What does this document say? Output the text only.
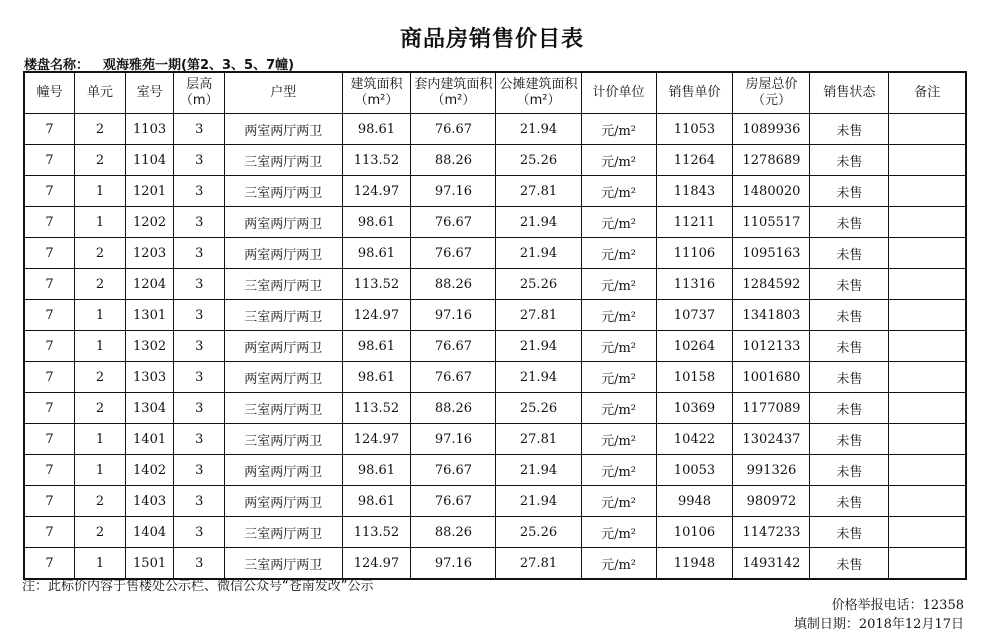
商品房销售价目表
楼盘名称： 观海雅苑一期(第2、3、5、7幢)
幢号	单元	室号	层高（m）	户型	建筑面积（m²）	套内建筑面积（m²）	公摊建筑面积（m²）	计价单位	销售单价	房屋总价（元）	销售状态	备注
7	2	1103	3	两室两厅两卫	98.61	76.67	21.94	元/m²	11053	1089936	未售	
7	2	1104	3	三室两厅两卫	113.52	88.26	25.26	元/m²	11264	1278689	未售	
7	1	1201	3	三室两厅两卫	124.97	97.16	27.81	元/m²	11843	1480020	未售	
7	1	1202	3	两室两厅两卫	98.61	76.67	21.94	元/m²	11211	1105517	未售	
7	2	1203	3	两室两厅两卫	98.61	76.67	21.94	元/m²	11106	1095163	未售	
7	2	1204	3	三室两厅两卫	113.52	88.26	25.26	元/m²	11316	1284592	未售	
7	1	1301	3	三室两厅两卫	124.97	97.16	27.81	元/m²	10737	1341803	未售	
7	1	1302	3	两室两厅两卫	98.61	76.67	21.94	元/m²	10264	1012133	未售	
7	2	1303	3	两室两厅两卫	98.61	76.67	21.94	元/m²	10158	1001680	未售	
7	2	1304	3	三室两厅两卫	113.52	88.26	25.26	元/m²	10369	1177089	未售	
7	1	1401	3	三室两厅两卫	124.97	97.16	27.81	元/m²	10422	1302437	未售	
7	1	1402	3	两室两厅两卫	98.61	76.67	21.94	元/m²	10053	991326	未售	
7	2	1403	3	两室两厅两卫	98.61	76.67	21.94	元/m²	9948	980972	未售	
7	2	1404	3	三室两厅两卫	113.52	88.26	25.26	元/m²	10106	1147233	未售	
7	1	1501	3	三室两厅两卫	124.97	97.16	27.81	元/m²	11948	1493142	未售	
注：此标价内容于售楼处公示栏、微信公众号“苍南发改”公示
价格举报电话：12358
填制日期：2018年12月17日
